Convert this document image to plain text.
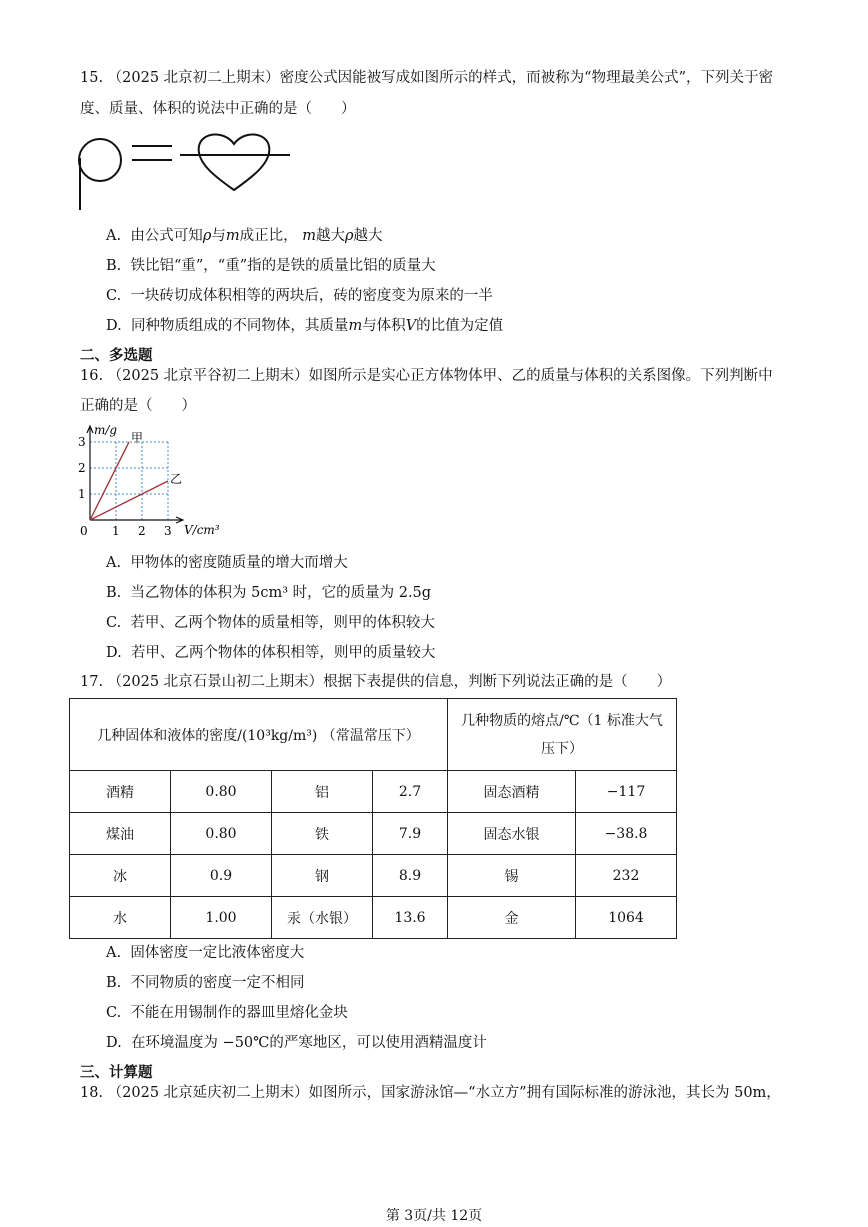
15. （2025 北京初二上期末）密度公式因能被写成如图所示的样式，而被称为“物理最美公式”，下列关于密
度、质量、体积的说法中正确的是（　　）
A. 由公式可知ρ与m成正比， m越大ρ越大
B. 铁比铝“重”，“重”指的是铁的质量比铝的质量大
C. 一块砖切成体积相等的两块后，砖的密度变为原来的一半
D. 同种物质组成的不同物体，其质量m与体积V的比值为定值
二、多选题
16. （2025 北京平谷初二上期末）如图所示是实心正方体物体甲、乙的质量与体积的关系图像。下列判断中
正确的是（　　）
m/g
V/cm³
0 1 2 3
1
2
3	甲
乙
A. 甲物体的密度随质量的增大而增大
B. 当乙物体的体积为 5cm³ 时，它的质量为 2.5g
C. 若甲、乙两个物体的质量相等，则甲的体积较大
D. 若甲、乙两个物体的体积相等，则甲的质量较大
17. （2025 北京石景山初二上期末）根据下表提供的信息，判断下列说法正确的是（　　）
几种固体和液体的密度/(10³kg/m³) （常温常压下）				几种物质的熔点/℃（1 标准大气
压下）	

酒精	0.80	铝	2.7	固态酒精	−117
煤油	0.80	铁	7.9	固态水银	−38.8
冰	0.9	钢	8.9	锡	232
水	1.00	汞（水银）	13.6	金	1064
A. 固体密度一定比液体密度大
B. 不同物质的密度一定不相同
C. 不能在用锡制作的器皿里熔化金块
D. 在环境温度为 −50℃的严寒地区，可以使用酒精温度计
三、计算题
18. （2025 北京延庆初二上期末）如图所示，国家游泳馆—“水立方”拥有国际标准的游泳池，其长为 50m，
第 3页/共 12页
